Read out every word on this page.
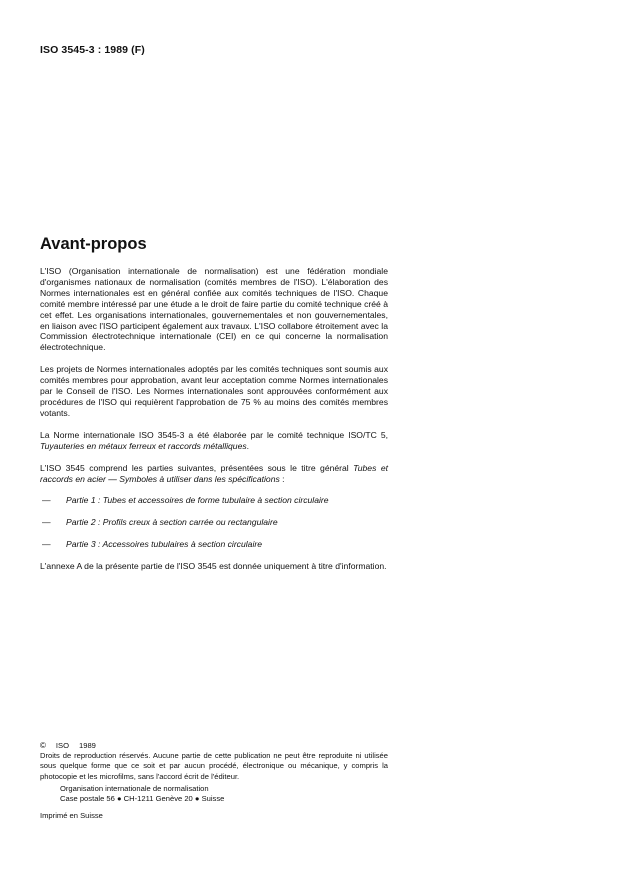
ISO 3545-3 : 1989 (F)
Avant-propos

L'ISO (Organisation internationale de normalisation) est une fédération mondiale d'organismes nationaux de normalisation (comités membres de l'ISO). L'élaboration des Normes internationales est en général confiée aux comités techniques de l'ISO. Chaque comité membre intéressé par une étude a le droit de faire partie du comité technique créé à cet effet. Les organisations internationales, gouvernementales et non gouvernementales, en liaison avec l'ISO participent également aux travaux. L'ISO collabore étroitement avec la Commission électrotechnique internationale (CEI) en ce qui concerne la normalisation électrotechnique.

Les projets de Normes internationales adoptés par les comités techniques sont soumis aux comités membres pour approbation, avant leur acceptation comme Normes internationales par le Conseil de l'ISO. Les Normes internationales sont approuvées conformément aux procédures de l'ISO qui requièrent l'approbation de 75 % au moins des comités membres votants.

La Norme internationale ISO 3545-3 a été élaborée par le comité technique ISO/TC 5, Tuyauteries en métaux ferreux et raccords métalliques.

L'ISO 3545 comprend les parties suivantes, présentées sous le titre général Tubes et raccords en acier — Symboles à utiliser dans les spécifications :

—	Partie 1 : Tubes et accessoires de forme tubulaire à section circulaire
—	Partie 2 : Profils creux à section carrée ou rectangulaire
—	Partie 3 : Accessoires tubulaires à section circulaire

L'annexe A de la présente partie de l'ISO 3545 est donnée uniquement à titre d'information.

© ISO 1989

Droits de reproduction réservés. Aucune partie de cette publication ne peut être reproduite ni utilisée sous quelque forme que ce soit et par aucun procédé, électronique ou mécanique, y compris la photocopie et les microfilms, sans l'accord écrit de l'éditeur.

Organisation internationale de normalisation
Case postale 56 ● CH-1211 Genève 20 ● Suisse
Imprimé en Suisse
